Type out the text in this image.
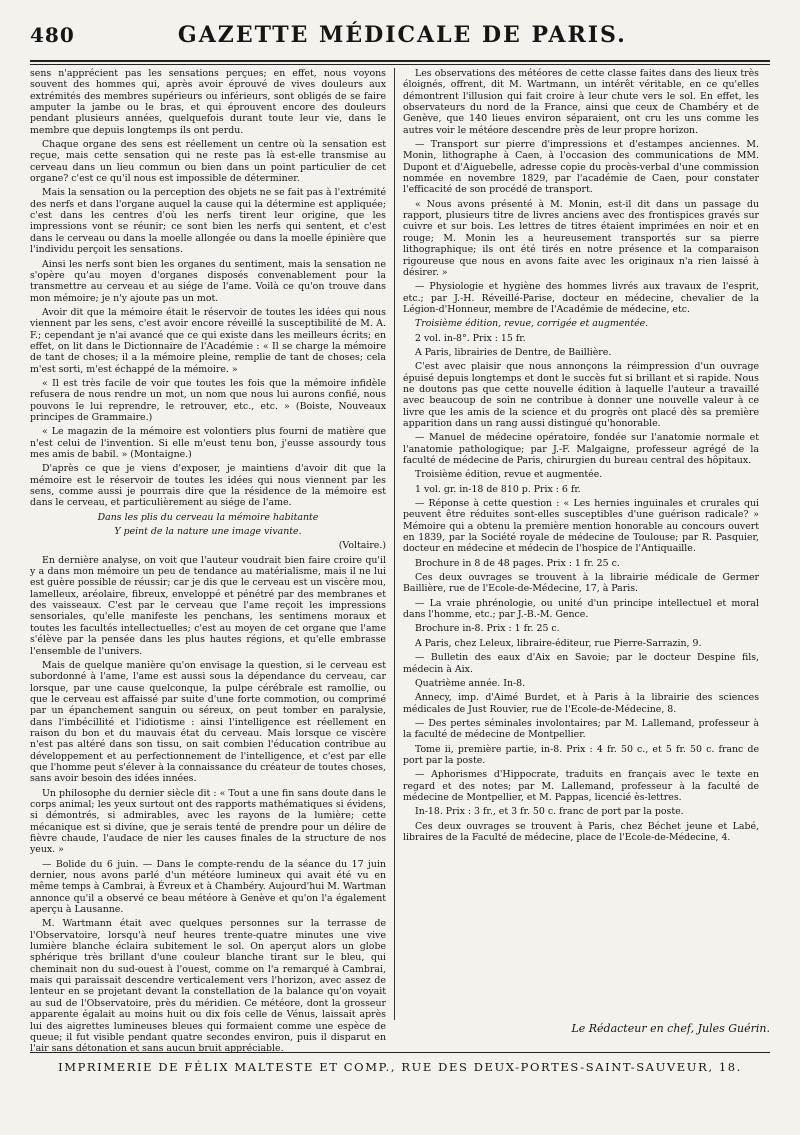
480	GAZETTE MÉDICALE DE PARIS.

sens n'apprécient pas les sensations perçues; en effet, nous voyons souvent des hommes qui, après avoir éprouvé de vives douleurs aux extrémités des membres supérieurs ou inférieurs, sont obligés de se faire amputer la jambe ou le bras, et qui éprouvent encore des douleurs pendant plusieurs années, quelquefois durant toute leur vie, dans le membre que depuis longtemps ils ont perdu.

Chaque organe des sens est réellement un centre où la sensation est reçue, mais cette sensation qui ne reste pas là est-elle transmise au cerveau dans un lieu commun ou bien dans un point particulier de cet organe? c'est ce qu'il nous est impossible de déterminer.

Mais la sensation ou la perception des objets ne se fait pas à l'extrémité des nerfs et dans l'organe auquel la cause qui la détermine est appliquée; c'est dans les centres d'où les nerfs tirent leur origine, que les impressions vont se réunir; ce sont bien les nerfs qui sentent, et c'est dans le cerveau ou dans la moelle allongée ou dans la moelle épinière que l'individu perçoit les sensations.

Ainsi les nerfs sont bien les organes du sentiment, mais la sensation ne s'opère qu'au moyen d'organes disposés convenablement pour la transmettre au cerveau et au siége de l'ame. Voilà ce qu'on trouve dans mon mémoire; je n'y ajoute pas un mot.

Avoir dit que la mémoire était le réservoir de toutes les idées qui nous viennent par les sens, c'est avoir encore réveillé la susceptibilité de M. A. F.; cependant je n'ai avancé que ce qui existe dans les meilleurs écrits; en effet, on lit dans le Dictionnaire de l'Académie : « Il se charge la mémoire de tant de choses; il a la mémoire pleine, remplie de tant de choses; cela m'est sorti, m'est échappé de la mémoire. »

« Il est très facile de voir que toutes les fois que la mémoire infidèle refusera de nous rendre un mot, un nom que nous lui aurons confié, nous pouvons le lui reprendre, le retrouver, etc., etc. » (Boiste, Nouveaux principes de Grammaire.)

« Le magazin de la mémoire est volontiers plus fourni de matière que n'est celui de l'invention. Si elle m'eust tenu bon, j'eusse assourdy tous mes amis de babil. » (Montaigne.)

D'après ce que je viens d'exposer, je maintiens d'avoir dit que la mémoire est le réservoir de toutes les idées qui nous viennent par les sens, comme aussi je pourrais dire que la résidence de la mémoire est dans le cerveau, et particulièrement au siége de l'ame.

Dans les plis du cerveau la mémoire habitante

Y peint de la nature une image vivante.

(Voltaire.)

En dernière analyse, on voit que l'auteur voudrait bien faire croire qu'il y a dans mon mémoire un peu de tendance au matérialisme, mais il ne lui est guère possible de réussir; car je dis que le cerveau est un viscère mou, lamelleux, aréolaire, fibreux, enveloppé et pénétré par des membranes et des vaisseaux. C'est par le cerveau que l'ame reçoit les impressions sensoriales, qu'elle manifeste les penchans, les sentimens moraux et toutes les facultés intellectuelles; c'est au moyen de cet organe que l'ame s'élève par la pensée dans les plus hautes régions, et qu'elle embrasse l'ensemble de l'univers.

Mais de quelque manière qu'on envisage la question, si le cerveau est subordonné à l'ame, l'ame est aussi sous la dépendance du cerveau, car lorsque, par une cause quelconque, la pulpe cérébrale est ramollie, ou que le cerveau est affaissé par suite d'une forte commotion, ou comprimé par un épanchement sanguin ou séreux, on peut tomber en paralysie, dans l'imbécillité et l'idiotisme : ainsi l'intelligence est réellement en raison du bon et du mauvais état du cerveau. Mais lorsque ce viscère n'est pas altéré dans son tissu, on sait combien l'éducation contribue au développement et au perfectionnement de l'intelligence, et c'est par elle que l'homme peut s'élever à la connaissance du créateur de toutes choses, sans avoir besoin des idées innées.

Un philosophe du dernier siècle dit : « Tout a une fin sans doute dans le corps animal; les yeux surtout ont des rapports mathématiques si évidens, si démontrés, si admirables, avec les rayons de la lumière; cette mécanique est si divine, que je serais tenté de prendre pour un délire de fièvre chaude, l'audace de nier les causes finales de la structure de nos yeux. »

— Bolide du 6 juin. — Dans le compte-rendu de la séance du 17 juin dernier, nous avons parlé d'un météore lumineux qui avait été vu en même temps à Cambrai, à Évreux et à Chambéry. Aujourd'hui M. Wartman annonce qu'il a observé ce beau météore à Genève et qu'on l'a également aperçu à Lausanne.

M. Wartmann était avec quelques personnes sur la terrasse de l'Observatoire, lorsqu'à neuf heures trente-quatre minutes une vive lumière blanche éclaira subitement le sol. On aperçut alors un globe sphérique très brillant d'une couleur blanche tirant sur le bleu, qui cheminait non du sud-ouest à l'ouest, comme on l'a remarqué à Cambrai, mais qui paraissait descendre verticalement vers l'horizon, avec assez de lenteur en se projetant devant la constellation de la balance qu'on voyait au sud de l'Observatoire, près du méridien. Ce météore, dont la grosseur apparente égalait au moins huit ou dix fois celle de Vénus, laissait après lui des aigrettes lumineuses bleues qui formaient comme une espèce de queue; il fut visible pendant quatre secondes environ, puis il disparut en l'air sans détonation et sans aucun bruit appréciable.

Les observations des météores de cette classe faites dans des lieux très éloignés, offrent, dit M. Wartmann, un intérêt véritable, en ce qu'elles démontrent l'illusion qui fait croire à leur chute vers le sol. En effet, les observateurs du nord de la France, ainsi que ceux de Chambéry et de Genève, que 140 lieues environ séparaient, ont cru les uns comme les autres voir le météore descendre près de leur propre horizon.

— Transport sur pierre d'impressions et d'estampes anciennes. M. Monin, lithographe à Caen, à l'occasion des communications de MM. Dupont et d'Aiguebelle, adresse copie du procès-verbal d'une commission nommée en novembre 1829, par l'académie de Caen, pour constater l'efficacité de son procédé de transport.

« Nous avons présenté à M. Monin, est-il dit dans un passage du rapport, plusieurs titre de livres anciens avec des frontispices gravés sur cuivre et sur bois. Les lettres de titres étaient imprimées en noir et en rouge; M. Monin les a heureusement transportés sur sa pierre lithographique; ils ont été tirés en notre présence et la comparaison rigoureuse que nous en avons faite avec les originaux n'a rien laissé à désirer. »

— Physiologie et hygiène des hommes livrés aux travaux de l'esprit, etc.; par J.-H. Réveillé-Parise, docteur en médecine, chevalier de la Légion-d'Honneur, membre de l'Académie de médecine, etc.

Troisième édition, revue, corrigée et augmentée.

2 vol. in-8°. Prix : 15 fr.

A Paris, librairies de Dentre, de Baillière.

C'est avec plaisir que nous annonçons la réimpression d'un ouvrage épuisé depuis longtemps et dont le succès fut si brillant et si rapide. Nous ne doutons pas que cette nouvelle édition à laquelle l'auteur a travaillé avec beaucoup de soin ne contribue à donner une nouvelle valeur à ce livre que les amis de la science et du progrès ont placé dès sa première apparition dans un rang aussi distingué qu'honorable.

— Manuel de médecine opératoire, fondée sur l'anatomie normale et l'anatomie pathologique; par J.-F. Malgaigne, professeur agrégé de la faculté de médecine de Paris, chirurgien du bureau central des hôpitaux.

Troisième édition, revue et augmentée.

1 vol. gr. in-18 de 810 p. Prix : 6 fr.

— Réponse à cette question : « Les hernies inguinales et crurales qui peuvent être réduites sont-elles susceptibles d'une guérison radicale? » Mémoire qui a obtenu la première mention honorable au concours ouvert en 1839, par la Société royale de médecine de Toulouse; par R. Pasquier, docteur en médecine et médecin de l'hospice de l'Antiquaille.

Brochure in 8 de 48 pages. Prix : 1 fr. 25 c.

Ces deux ouvrages se trouvent à la librairie médicale de Germer Baillière, rue de l'Ecole-de-Médecine, 17, à Paris.

— La vraie phrénologie, ou unité d'un principe intellectuel et moral dans l'homme, etc.; par J.-B.-M. Gence.

Brochure in-8. Prix : 1 fr. 25 c.

A Paris, chez Leleux, libraire-éditeur, rue Pierre-Sarrazin, 9.

— Bulletin des eaux d'Aix en Savoie; par le docteur Despine fils, médecin à Aix.

Quatrième année. In-8.

Annecy, imp. d'Aimé Burdet, et à Paris à la librairie des sciences médicales de Just Rouvier, rue de l'Ecole-de-Médecine, 8.

— Des pertes séminales involontaires; par M. Lallemand, professeur à la faculté de médecine de Montpellier.

Tome ii, première partie, in-8. Prix : 4 fr. 50 c., et 5 fr. 50 c. franc de port par la poste.

— Aphorismes d'Hippocrate, traduits en français avec le texte en regard et des notes; par M. Lallemand, professeur à la faculté de médecine de Montpellier, et M. Pappas, licencié ès-lettres.

In-18. Prix : 3 fr., et 3 fr. 50 c. franc de port par la poste.

Ces deux ouvrages se trouvent à Paris, chez Béchet jeune et Labé, libraires de la Faculté de médecine, place de l'Ecole-de-Médecine, 4.

Le Rédacteur en chef, Jules Guérin.
IMPRIMERIE DE FÉLIX MALTESTE ET COMP., RUE DES DEUX-PORTES-SAINT-SAUVEUR, 18.
